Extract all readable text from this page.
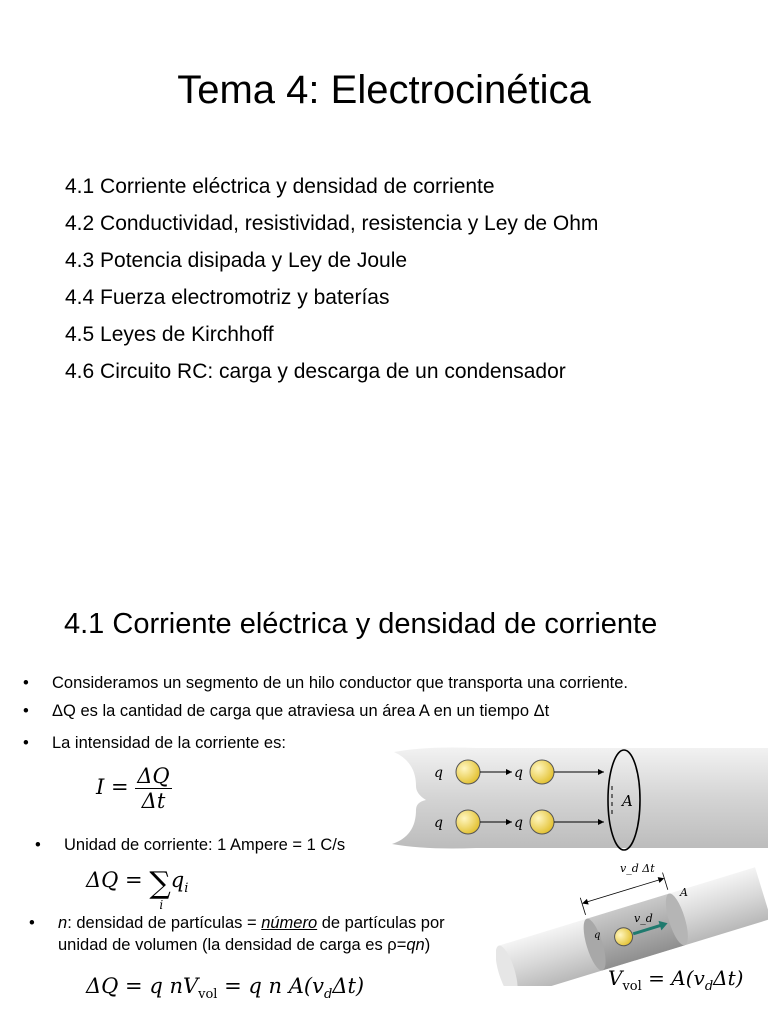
Tema 4: Electrocinética
4.1 Corriente eléctrica y densidad de corriente
4.2 Conductividad, resistividad, resistencia y Ley de Ohm
4.3 Potencia disipada y Ley de Joule
4.4 Fuerza electromotriz y baterías
4.5 Leyes de Kirchhoff
4.6 Circuito RC: carga y descarga de un condensador
4.1 Corriente eléctrica y densidad de corriente
• Consideramos un segmento de un hilo conductor que transporta una corriente.
• ΔQ es la cantidad de carga que atraviesa un área A en un tiempo Δt
• La intensidad de la corriente es:
$I = \frac{\Delta Q}{\Delta t}$
• Unidad de corriente: 1 Ampere = 1 C/s
ΔQ = ∑
i
$q_i$
• n: densidad de partículas = número de partículas por
unidad de volumen (la densidad de carga es ρ=qn)
ΔQ = q $nV_{vol} = q$ n $A(v_d\Delta t)$	$V_{vol} = A(v_d\Delta t)$
A
q	q
q	q
v_d Δt
v_d
q
A
